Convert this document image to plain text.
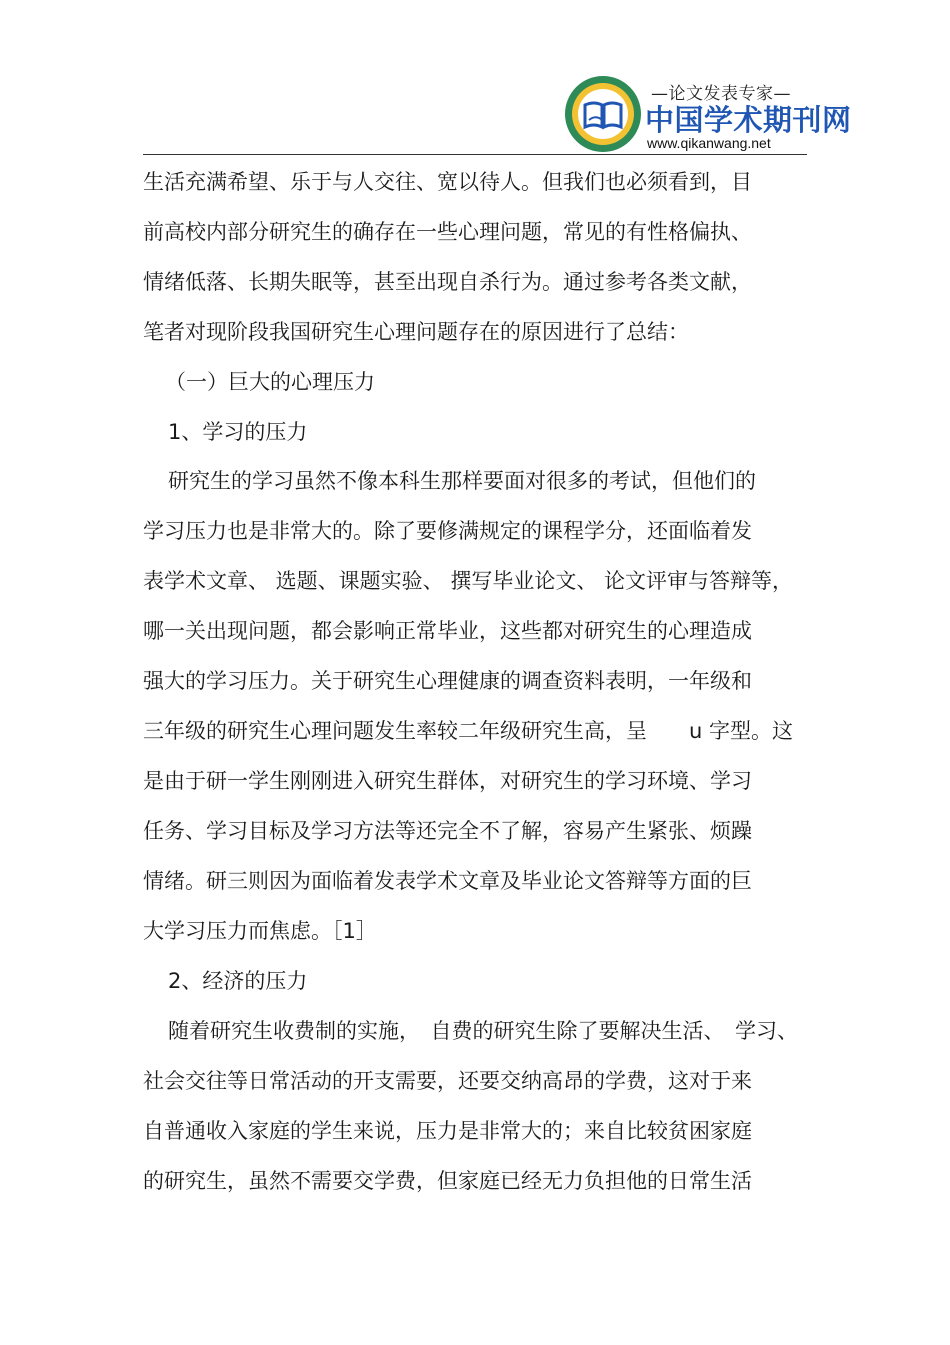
—论文发表专家—
中国学术期刊网
www.qikanwang.net
生活充满希望、乐于与人交往、宽以待人。但我们也必须看到，目
前高校内部分研究生的确存在一些心理问题，常见的有性格偏执、
情绪低落、长期失眠等，甚至出现自杀行为。通过参考各类文献，
笔者对现阶段我国研究生心理问题存在的原因进行了总结：
（一）巨大的心理压力
1、学习的压力
研究生的学习虽然不像本科生那样要面对很多的考试，但他们的
学习压力也是非常大的。除了要修满规定的课程学分，还面临着发
表学术文章、 选题、课题实验、 撰写毕业论文、 论文评审与答辩等，
哪一关出现问题，都会影响正常毕业，这些都对研究生的心理造成
强大的学习压力。关于研究生心理健康的调查资料表明，一年级和
三年级的研究生心理问题发生率较二年级研究生高，呈　　u 字型。这
是由于研一学生刚刚进入研究生群体，对研究生的学习环境、学习
任务、学习目标及学习方法等还完全不了解，容易产生紧张、烦躁
情绪。研三则因为面临着发表学术文章及毕业论文答辩等方面的巨
大学习压力而焦虑。［1］
2、经济的压力
随着研究生收费制的实施，　自费的研究生除了要解决生活、　学习、
社会交往等日常活动的开支需要，还要交纳高昂的学费，这对于来
自普通收入家庭的学生来说，压力是非常大的；来自比较贫困家庭
的研究生，虽然不需要交学费，但家庭已经无力负担他的日常生活
